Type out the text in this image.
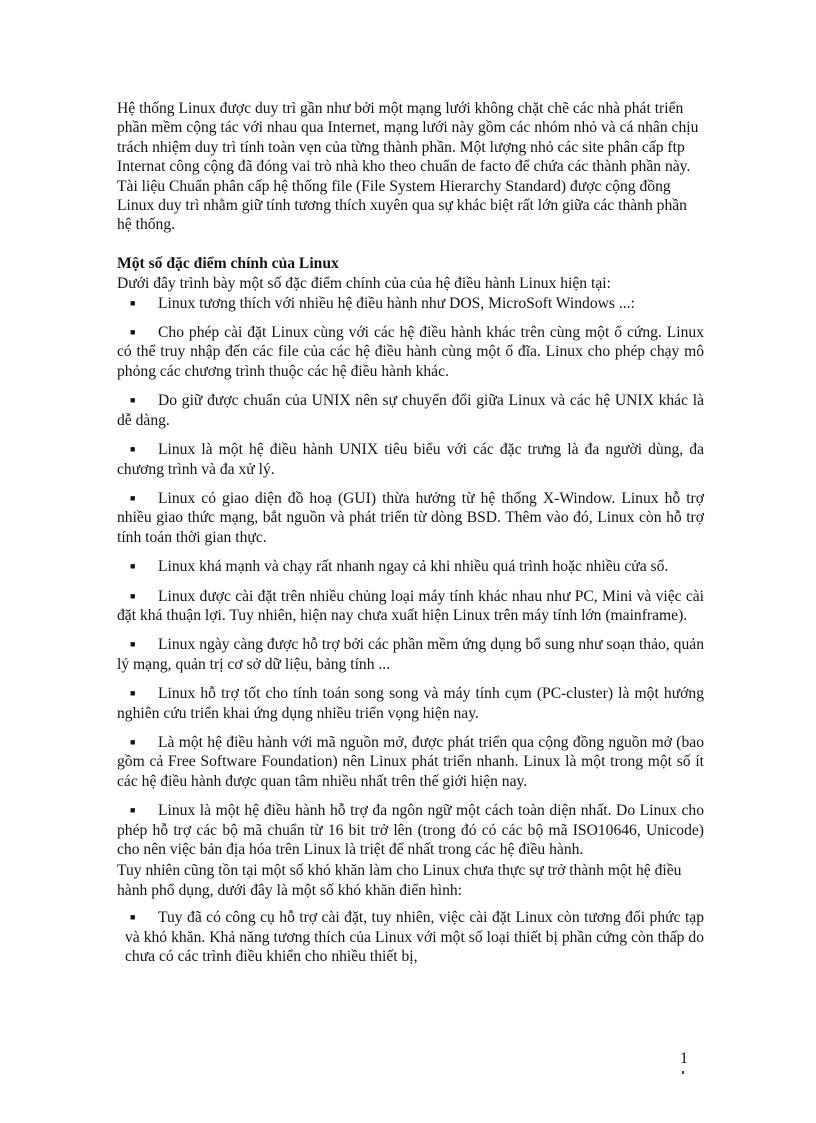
Hệ thống Linux được duy trì gần như bởi một mạng lưới không chặt chẽ các nhà phát triển phần mềm cộng tác với nhau qua Internet, mạng lưới này gồm các nhóm nhỏ và cá nhân chịu trách nhiệm duy trì tính toàn vẹn của từng thành phần. Một lượng nhỏ các site phân cấp ftp Internat công cộng đã đóng vai trò nhà kho theo chuẩn de facto để chứa các thành phần này. Tài liệu Chuẩn phân cấp hệ thống file (File System Hierarchy Standard) được cộng đồng Linux duy trì nhằm giữ tính tương thích xuyên qua sự khác biệt rất lớn giữa các thành phần hệ thống.

Một số đặc điểm chính của Linux

Dưới đây trình bày một số đặc điểm chính của của hệ điều hành Linux hiện tại:

■ Linux tương thích với nhiều hệ điều hành như DOS, MicroSoft Windows ...:
■ Cho phép cài đặt Linux cùng với các hệ điều hành khác trên cùng một ổ cứng. Linux có thể truy nhập đến các file của các hệ điều hành cùng một ổ đĩa. Linux cho phép chạy mô phỏng các chương trình thuộc các hệ điều hành khác.
■ Do giữ được chuẩn của UNIX nên sự chuyển đổi giữa Linux và các hệ UNIX khác là dễ dàng.
■ Linux là một hệ điều hành UNIX tiêu biểu với các đặc trưng là đa người dùng, đa chương trình và đa xử lý.
■ Linux có giao diện đồ hoạ (GUI) thừa hưởng từ hệ thống X-Window. Linux hỗ trợ nhiều giao thức mạng, bắt nguồn và phát triển từ dòng BSD. Thêm vào đó, Linux còn hỗ trợ tính toán thời gian thực.
■ Linux khá mạnh và chạy rất nhanh ngay cả khi nhiều quá trình hoặc nhiều cửa sổ.
■ Linux được cài đặt trên nhiều chủng loại máy tính khác nhau như PC, Mini và việc cài đặt khá thuận lợi. Tuy nhiên, hiện nay chưa xuất hiện Linux trên máy tính lớn (mainframe).
■ Linux ngày càng được hỗ trợ bởi các phần mềm ứng dụng bổ sung như soạn thảo, quản lý mạng, quản trị cơ sở dữ liệu, bảng tính ...
■ Linux hỗ trợ tốt cho tính toán song song và máy tính cụm (PC-cluster) là một hướng nghiên cứu triển khai ứng dụng nhiều triển vọng hiện nay.
■ Là một hệ điều hành với mã nguồn mở, được phát triển qua cộng đồng nguồn mở (bao gồm cả Free Software Foundation) nên Linux phát triển nhanh. Linux là một trong một số ít các hệ điều hành được quan tâm nhiều nhất trên thế giới hiện nay.
■ Linux là một hệ điều hành hỗ trợ đa ngôn ngữ một cách toàn diện nhất. Do Linux cho phép hỗ trợ các bộ mã chuẩn từ 16 bit trở lên (trong đó có các bộ mã ISO10646, Unicode) cho nên việc bản địa hóa trên Linux là triệt để nhất trong các hệ điều hành.

Tuy nhiên cũng tồn tại một số khó khăn làm cho Linux chưa thực sự trở thành một hệ điều hành phổ dụng, dưới đây là một số khó khăn điển hình:

■ Tuy đã có công cụ hỗ trợ cài đặt, tuy nhiên, việc cài đặt Linux còn tương đối phức tạp và khó khăn. Khả năng tương thích của Linux với một số loại thiết bị phần cứng còn thấp do chưa có các trình điều khiển cho nhiều thiết bị,
1
